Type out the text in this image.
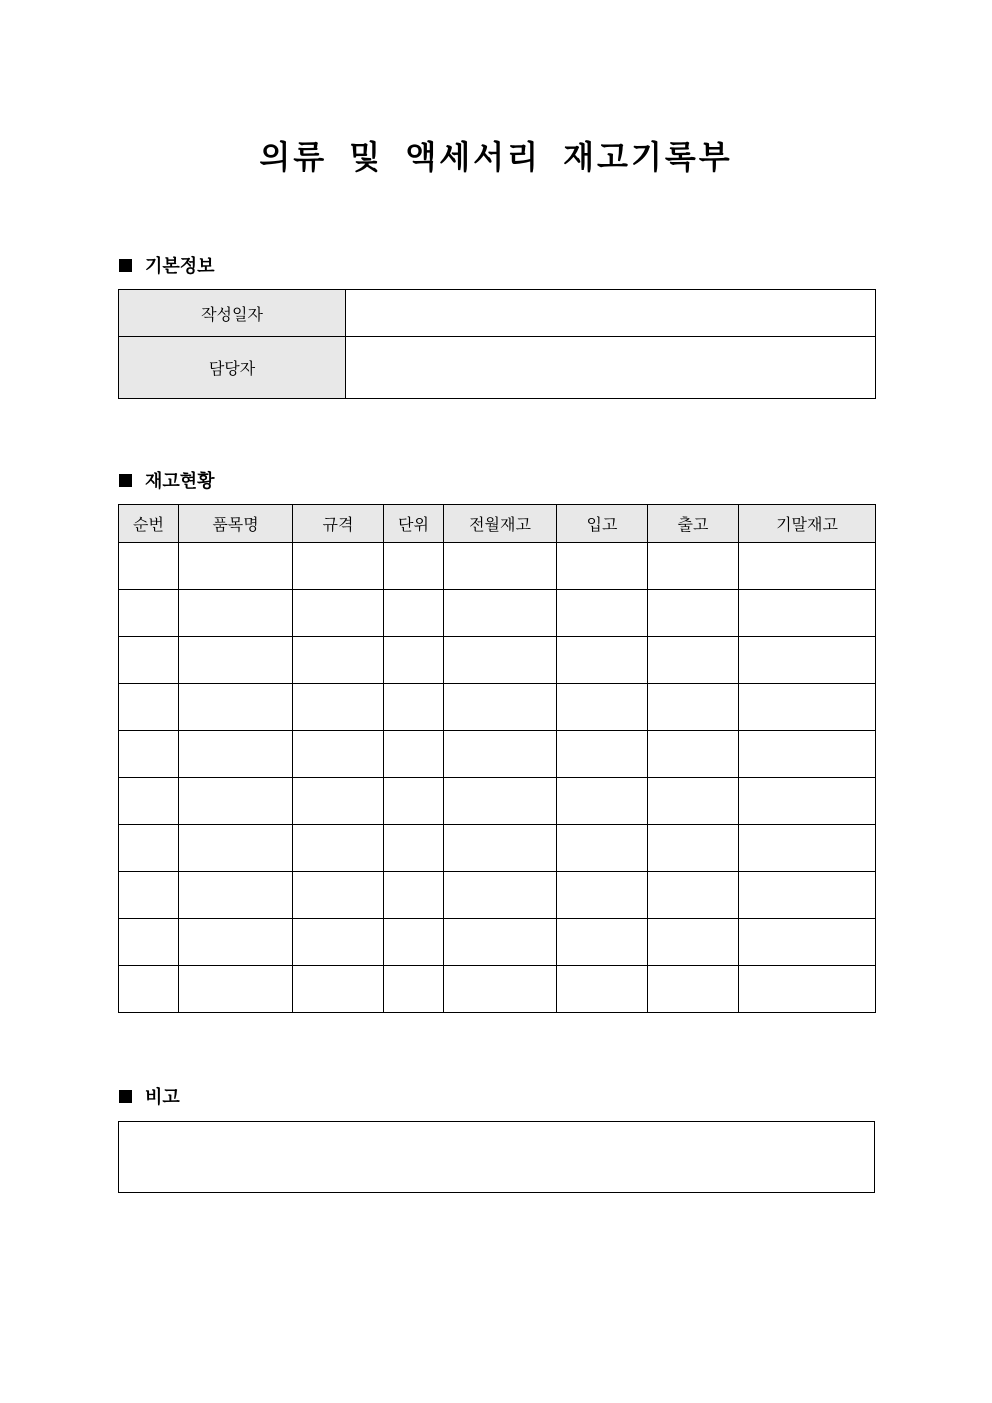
의류 및 액세서리 재고기록부
기본정보
작성일자	
담당자	
재고현황
순번	품목명	규격	단위	전월재고	입고	출고	기말재고

비고
